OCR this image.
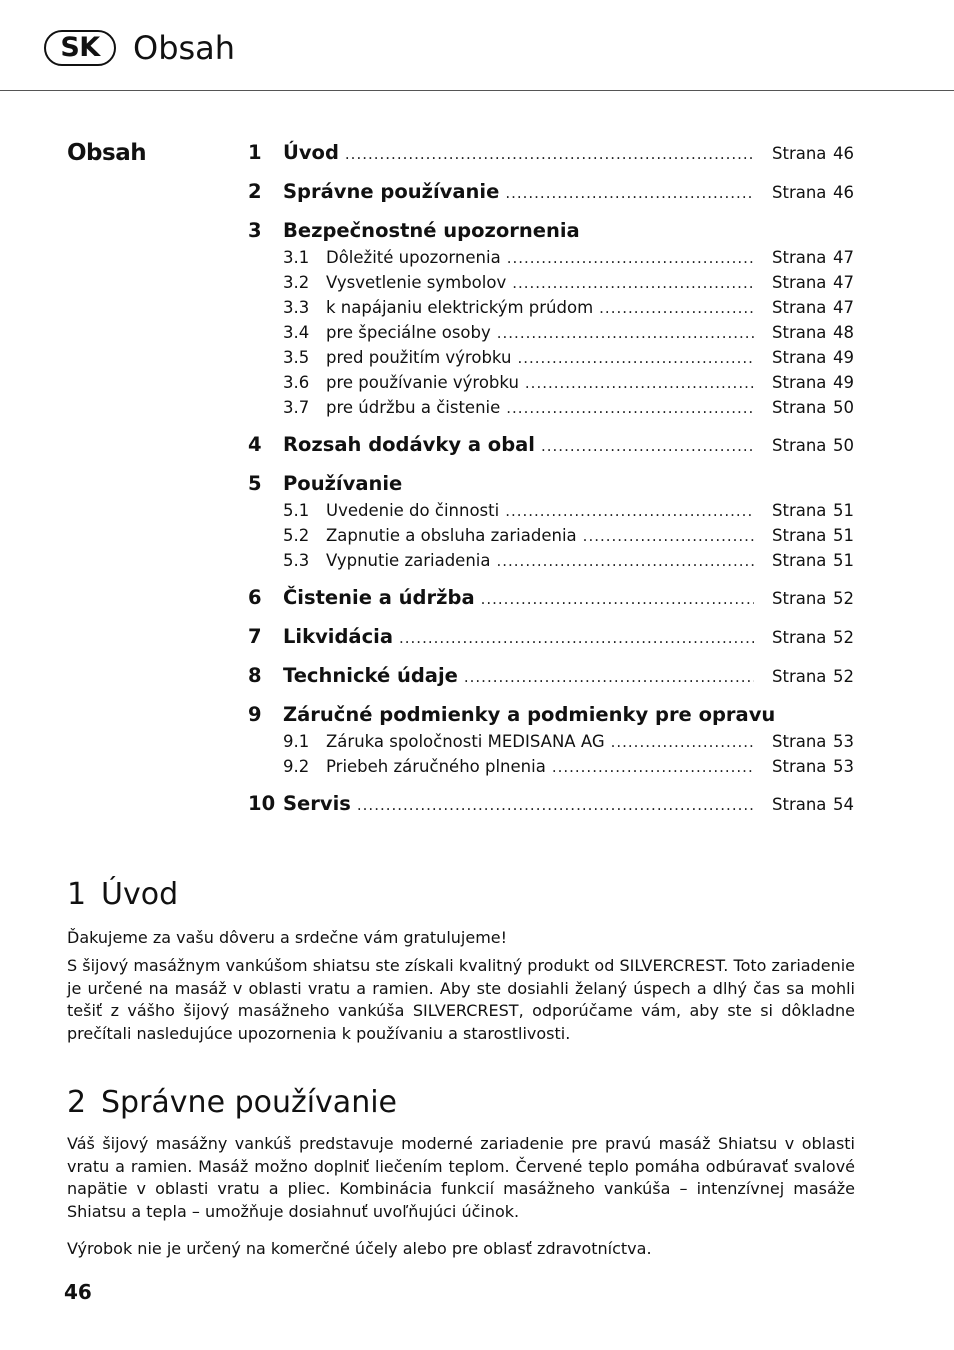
SK	Obsah
Obsah	1	Úvod .....	Strana 46
2	Správne používanie .....	Strana 46
3	Bezpečnostné upozornenia
3.1	Dôležité upozornenia .....	Strana 47
3.2	Vysvetlenie symbolov .....	Strana 47
3.3	k napájaniu elektrickým prúdom .....	Strana 47
3.4	pre špeciálne osoby .....	Strana 48
3.5	pred použitím výrobku .....	Strana 49
3.6	pre používanie výrobku .....	Strana 49
3.7	pre údržbu a čistenie .....	Strana 50
4	Rozsah dodávky a obal .....	Strana 50
5	Používanie
5.1	Uvedenie do činnosti .....	Strana 51
5.2	Zapnutie a obsluha zariadenia .....	Strana 51
5.3	Vypnutie zariadenia .....	Strana 51
6	Čistenie a údržba .....	Strana 52
7	Likvidácia .....	Strana 52
8	Technické údaje .....	Strana 52
9	Záručné podmienky a podmienky pre opravu
9.1	Záruka spoločnosti MEDISANA AG .....	Strana 53
9.2	Priebeh záručného plnenia .....	Strana 53
10 Servis .....	Strana 54
1 Úvod
Ďakujeme za vašu dôveru a srdečne vám gratulujeme!
S šijový masážnym vankúšom shiatsu ste získali kvalitný produkt od SILVERCREST. Toto zariadenie je určené na masáž v oblasti vratu a ramien. Aby ste dosiahli želaný úspech a dlhý čas sa mohli tešiť z vášho šijový masážneho vankúša SILVERCREST, odporúčame vám, aby ste si dôkladne prečítali nasledujúce upozornenia k používaniu a starostlivosti.
2 Správne používanie
Váš šijový masážny vankúš predstavuje moderné zariadenie pre pravú masáž Shiatsu v oblasti vratu a ramien. Masáž možno doplniť liečením teplom. Červené teplo pomáha odbúravať svalové napätie v oblasti vratu a pliec. Kombinácia funkcií masážneho vankúša – intenzívnej masáže Shiatsu a tepla – umožňuje dosiahnuť uvoľňujúci účinok.
Výrobok nie je určený na komerčné účely alebo pre oblasť zdravotníctva.
46
